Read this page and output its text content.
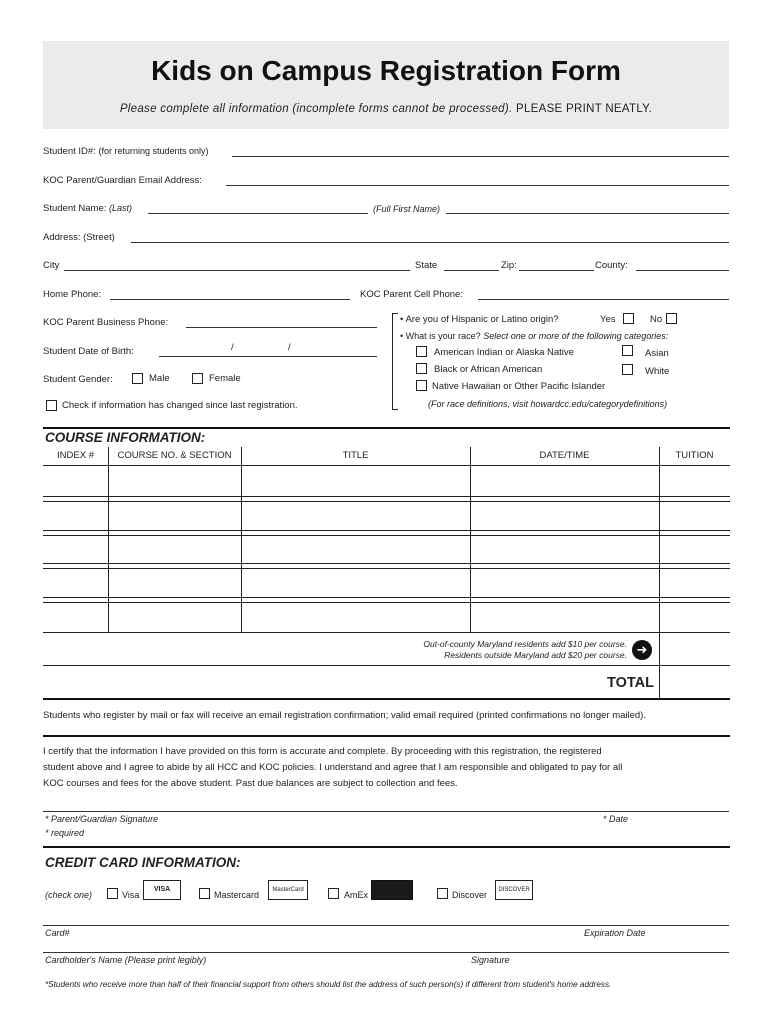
Kids on Campus Registration Form
Please complete all information (incomplete forms cannot be processed). PLEASE PRINT NEATLY.
Student ID#: (for returning students only)
KOC Parent/Guardian Email Address:
Student Name: (Last)	(Full First Name)
Address: (Street)
City	State	Zip:	County:
Home Phone:	KOC Parent Cell Phone:
KOC Parent Business Phone:
Student Date of Birth:	/	/
Student Gender:	Male	Female
Check if information has changed since last registration.
• Are you of Hispanic or Latino origin?	Yes	No
• What is your race? Select one or more of the following categories:
American Indian or Alaska Native	Asian
Black or African American	White
Native Hawaiian or Other Pacific Islander
(For race definitions, visit howardcc.edu/categorydefinitions)
COURSE INFORMATION:
INDEX #	COURSE NO. & SECTION	TITLE	DATE/TIME	TUITION
Out-of-county Maryland residents add $10 per course.
Residents outside Maryland add $20 per course. ➜
TOTAL
Students who register by mail or fax will receive an email registration confirmation; valid email required (printed confirmations no longer mailed).
I certify that the information I have provided on this form is accurate and complete. By proceeding with this registration, the registered
student above and I agree to abide by all HCC and KOC policies. I understand and agree that I am responsible and obligated to pay for all
KOC courses and fees for the above student. Past due balances are subject to collection and fees.
* Parent/Guardian Signature	* Date
* required
CREDIT CARD INFORMATION:
(check one)	Visa
VISA
Mastercard	MasterCard	AmEx	Discover	DISCOVER
Card#	Expiration Date
Cardholder's Name (Please print legibly)	Signature
*Students who receive more than half of their financial support from others should list the address of such person(s) if different from student's home address.
